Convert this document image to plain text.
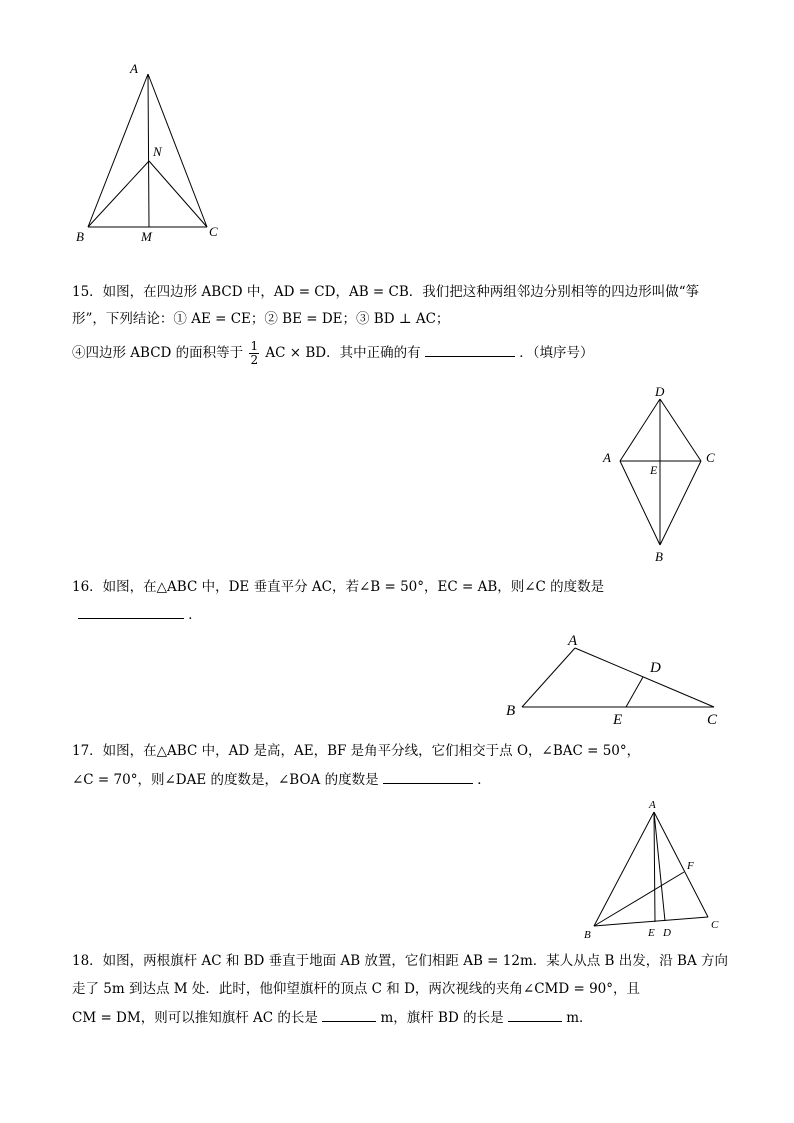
A
N
B	M	C
15．如图，在四边形 ABCD 中，AD = CD，AB = CB．我们把这种两组邻边分别相等的四边形叫做“筝
形”，下列结论：① AE = CE；② BE = DE；③ BD ⊥ AC；
④四边形 ABCD 的面积等于 $\frac{1}{2}$ AC × BD．其中正确的有	．（填序号）
D
A
E
C
B
16．如图，在△ABC 中，DE 垂直平分 AC，若∠B = 50°，EC = AB，则∠C 的度数是
．
A
D
B
E	C
17．如图，在△ABC 中，AD 是高，AE，BF 是角平分线，它们相交于点 O，∠BAC = 50°，
∠C = 70°，则∠DAE 的度数是，∠BOA 的度数是	．
A
F
B	E D
C
18．如图，两根旗杆 AC 和 BD 垂直于地面 AB 放置，它们相距 AB = 12m．某人从点 B 出发，沿 BA 方向
走了 5m 到达点 M 处．此时，他仰望旗杆的顶点 C 和 D，两次视线的夹角∠CMD = 90°，且
CM = DM，则可以推知旗杆 AC 的长是	m，旗杆 BD 的长是	m．
